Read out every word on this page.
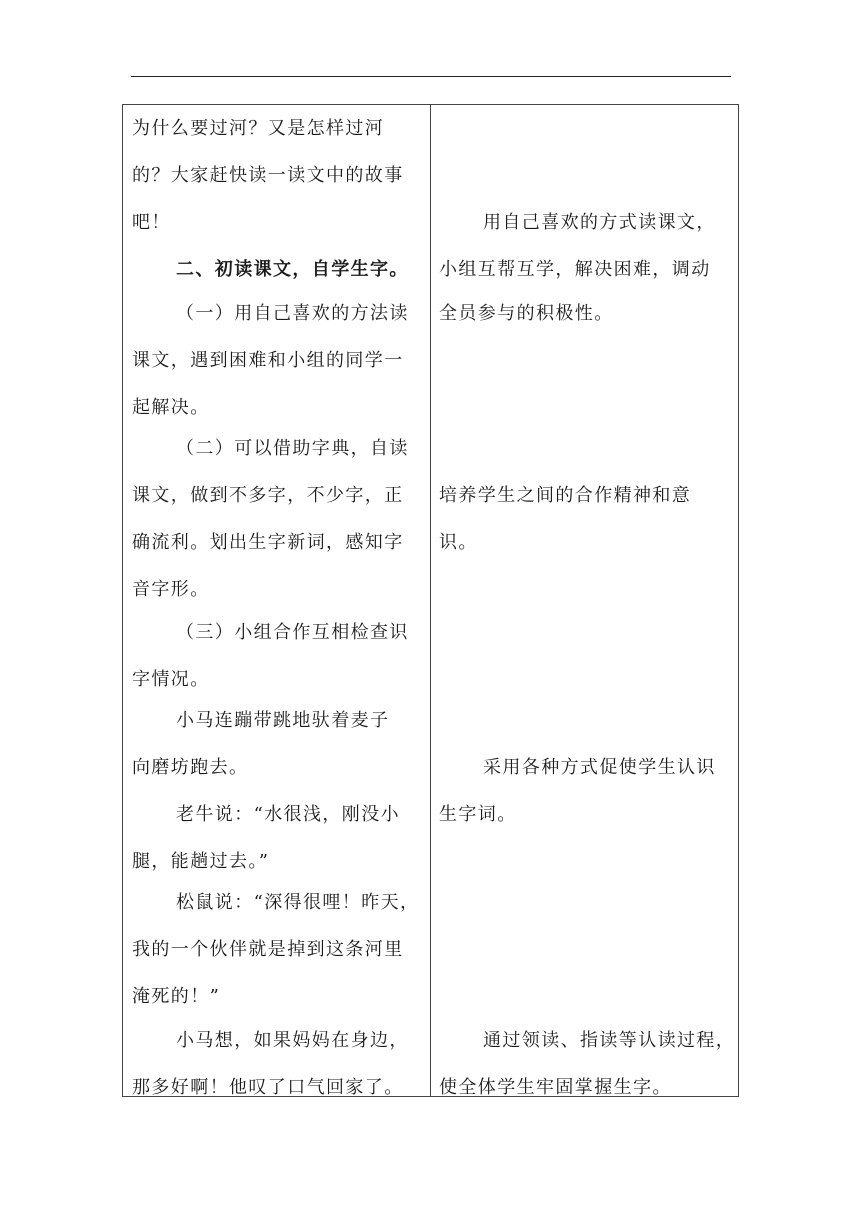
为什么要过河？又是怎样过河
的？大家赶快读一读文中的故事
吧！
二、初读课文，自学生字。
（一）用自己喜欢的方法读
课文，遇到困难和小组的同学一
起解决。
（二）可以借助字典，自读
课文，做到不多字，不少字，正
确流利。划出生字新词，感知字
音字形。
（三）小组合作互相检查识
字情况。
小马连蹦带跳地驮着麦子
向磨坊跑去。
老牛说：“水很浅，刚没小
腿，能趟过去。”
松鼠说：“深得很哩！昨天，
我的一个伙伴就是掉到这条河里
淹死的！”
小马想，如果妈妈在身边，
那多好啊！他叹了口气回家了。
用自己喜欢的方式读课文，
小组互帮互学，解决困难，调动
全员参与的积极性。
培养学生之间的合作精神和意
识。
采用各种方式促使学生认识
生字词。
通过领读、指读等认读过程，
使全体学生牢固掌握生字。
